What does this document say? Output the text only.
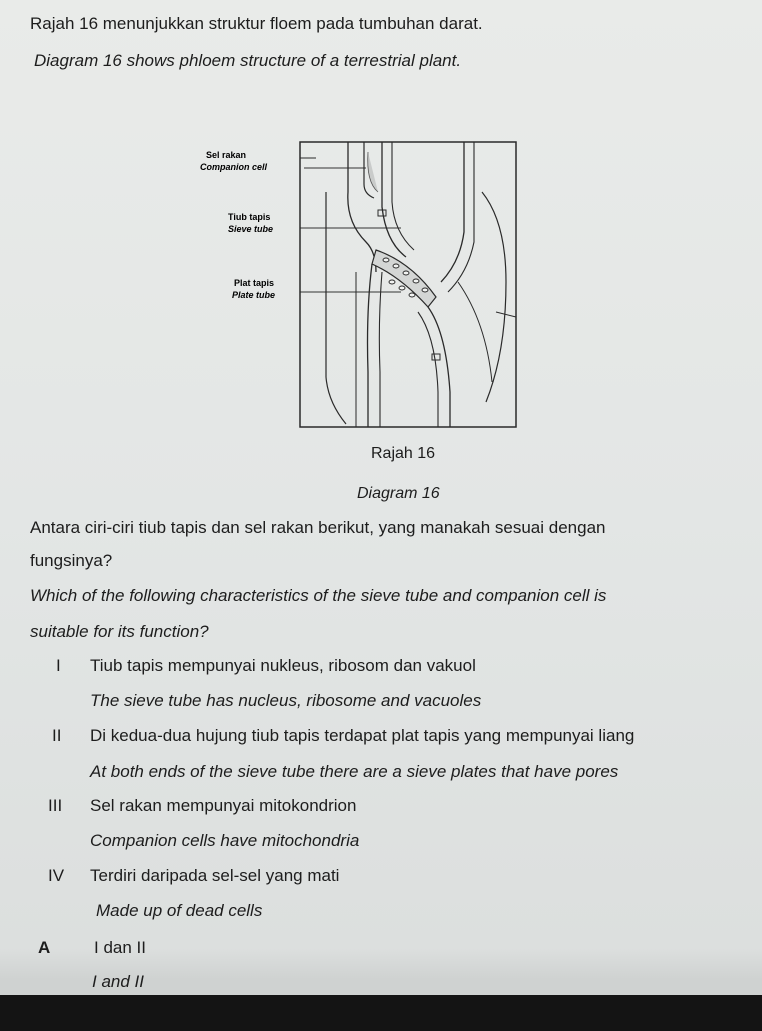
Rajah 16 menunjukkan struktur floem pada tumbuhan darat.
Diagram 16 shows phloem structure of a terrestrial plant.
Sel rakan
Companion cell
Tiub tapis
Sieve tube
Plat tapis
Plate tube
Rajah 16
Diagram 16
Antara ciri-ciri tiub tapis dan sel rakan berikut, yang manakah sesuai dengan
fungsinya?
Which of the following characteristics of the sieve tube and companion cell is
suitable for its function?
I Tiub tapis mempunyai nukleus, ribosom dan vakuol
The sieve tube has nucleus, ribosome and vacuoles
II Di kedua-dua hujung tiub tapis terdapat plat tapis yang mempunyai liang
At both ends of the sieve tube there are a sieve plates that have pores
III Sel rakan mempunyai mitokondrion
Companion cells have mitochondria
IV Terdiri daripada sel-sel yang mati
Made up of dead cells
A	I dan II
I and II
